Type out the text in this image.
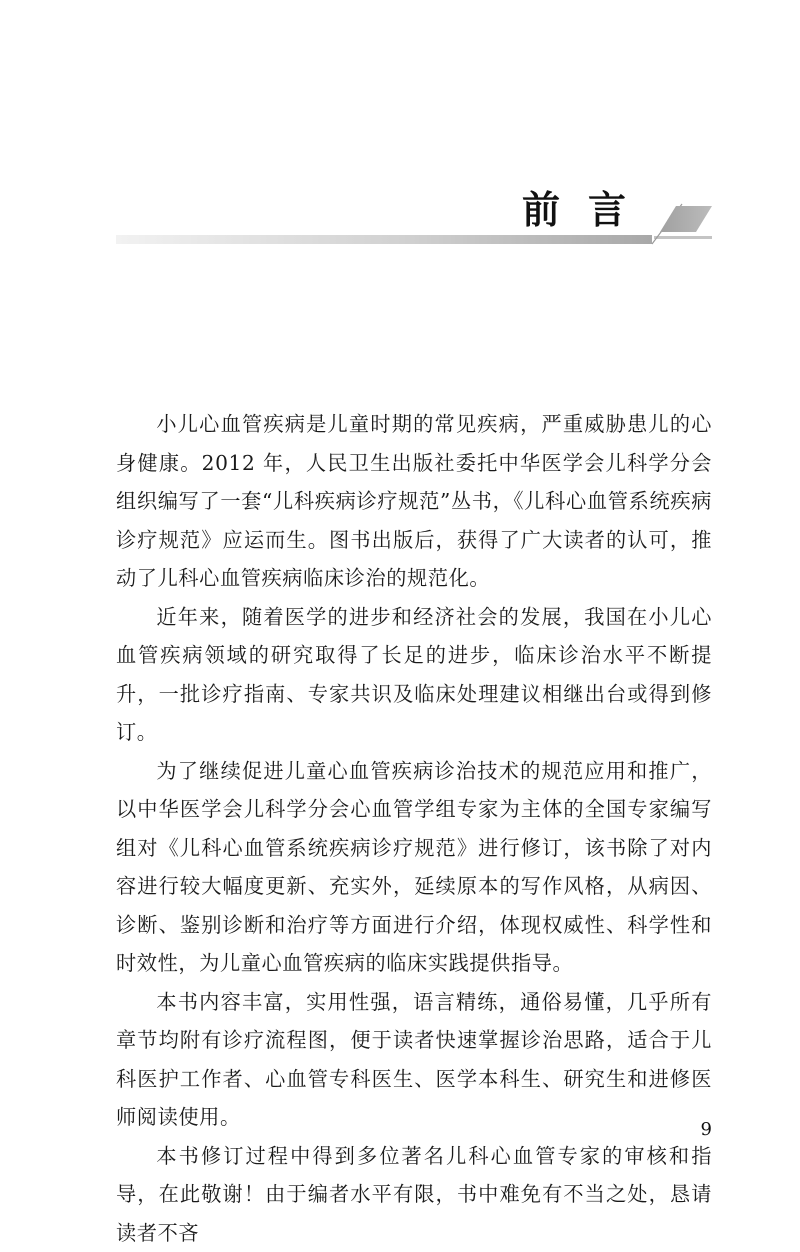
前言

小儿心血管疾病是儿童时期的常见疾病，严重威胁患儿的心身健康。2012 年，人民卫生出版社委托中华医学会儿科学分会组织编写了一套“儿科疾病诊疗规范”丛书，《儿科心血管系统疾病诊疗规范》应运而生。图书出版后，获得了广大读者的认可，推动了儿科心血管疾病临床诊治的规范化。

近年来，随着医学的进步和经济社会的发展，我国在小儿心血管疾病领域的研究取得了长足的进步，临床诊治水平不断提升，一批诊疗指南、专家共识及临床处理建议相继出台或得到修订。

为了继续促进儿童心血管疾病诊治技术的规范应用和推广，以中华医学会儿科学分会心血管学组专家为主体的全国专家编写组对《儿科心血管系统疾病诊疗规范》进行修订，该书除了对内容进行较大幅度更新、充实外，延续原本的写作风格，从病因、诊断、鉴别诊断和治疗等方面进行介绍，体现权威性、科学性和时效性，为儿童心血管疾病的临床实践提供指导。

本书内容丰富，实用性强，语言精练，通俗易懂，几乎所有章节均附有诊疗流程图，便于读者快速掌握诊治思路，适合于儿科医护工作者、心血管专科医生、医学本科生、研究生和进修医师阅读使用。

本书修订过程中得到多位著名儿科心血管专家的审核和指导，在此敬谢！由于编者水平有限，书中难免有不当之处，恳请读者不吝

9
